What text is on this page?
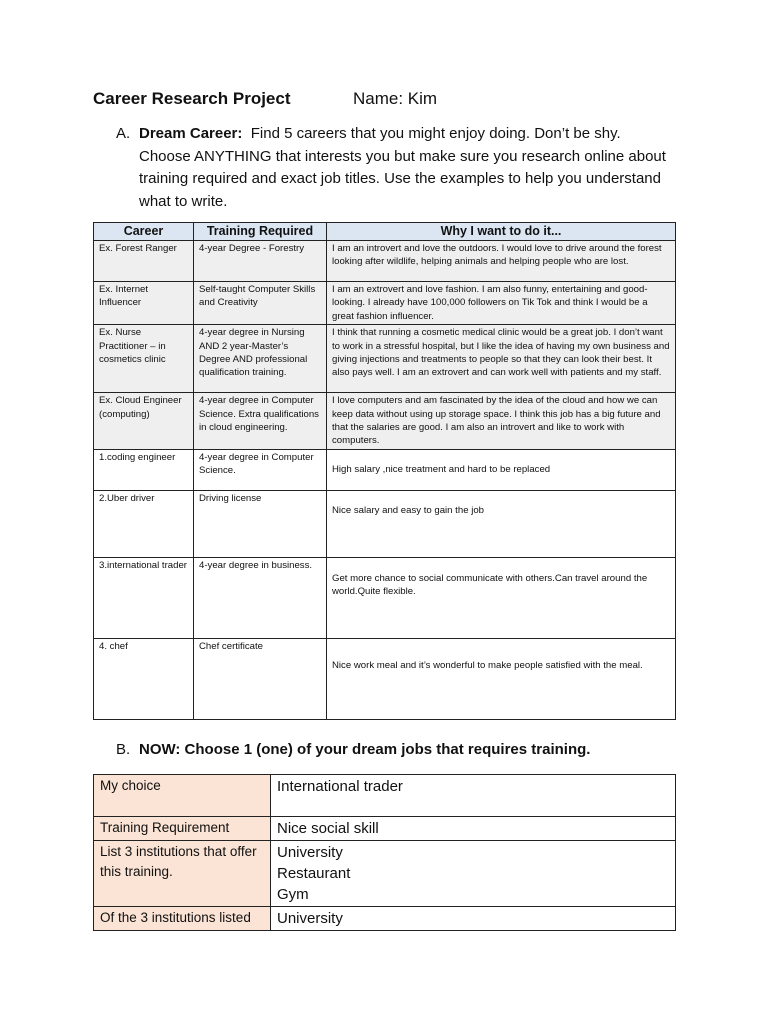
Career Research Project	Name: Kim
A. Dream Career: Find 5 careers that you might enjoy doing. Don’t be shy. Choose ANYTHING that interests you but make sure you research online about training required and exact job titles. Use the examples to help you understand what to write.
Career	Training Required	Why I want to do it...
Ex. Forest Ranger	4-year Degree - Forestry	I am an introvert and love the outdoors. I would love to drive around the forest looking after wildlife, helping animals and helping people who are lost.
Ex. Internet Influencer	Self-taught Computer Skills and Creativity	I am an extrovert and love fashion. I am also funny, entertaining and good-looking. I already have 100,000 followers on Tik Tok and think I would be a great fashion influencer.
Ex. Nurse Practitioner – in cosmetics clinic	4-year degree in Nursing AND 2 year-Master’s Degree AND professional qualification training.	I think that running a cosmetic medical clinic would be a great job. I don’t want to work in a stressful hospital, but I like the idea of having my own business and giving injections and treatments to people so that they can look their best. It also pays well. I am an extrovert and can work well with patients and my staff.
Ex. Cloud Engineer (computing)	4-year degree in Computer Science. Extra qualifications in cloud engineering.	I love computers and am fascinated by the idea of the cloud and how we can keep data without using up storage space. I think this job has a big future and that the salaries are good. I am also an introvert and like to work with computers.
1.coding engineer	4-year degree in Computer Science.	High salary ,nice treatment and hard to be replaced
2.Uber driver	Driving license	Nice salary and easy to gain the job
3.international trader	4-year degree in business.	Get more chance to social communicate with others.Can travel around the world.Quite flexible.
4. chef	Chef certificate	Nice work meal and it’s wonderful to make people satisfied with the meal.
B. NOW: Choose 1 (one) of your dream jobs that requires training.
My choice	International trader
Training Requirement	Nice social skill
List 3 institutions that offer this training.	University
Restaurant
Gym

Of the 3 institutions listed	University
